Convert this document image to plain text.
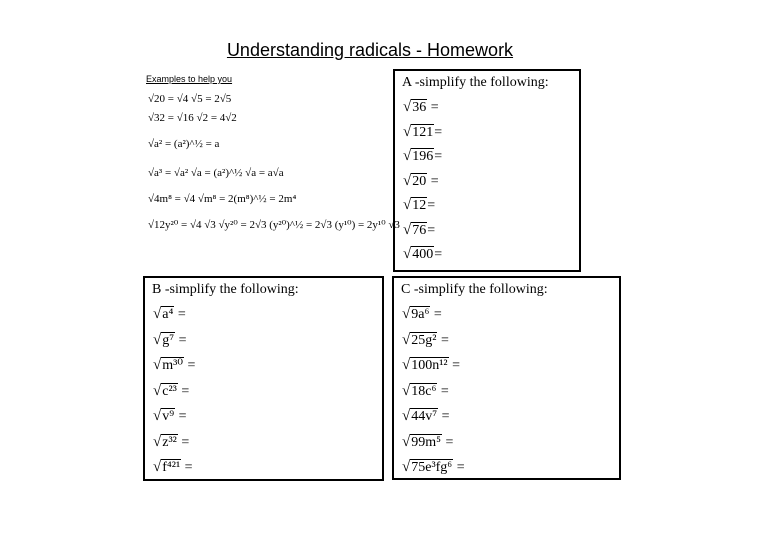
Understanding radicals - Homework
Examples to help you
√20 = √4 √5 = 2√5
√32 = √16 √2 = 4√2
√a² = (a²)^½ = a
√a³ = √a² √a = (a²)^½ √a = a√a
√4m⁸ = √4 √m⁸ = 2(m⁸)^½ = 2m⁴
√12y²⁰ = √4 √3 √y²⁰ = 2√3 (y²⁰)^½ = 2√3 (y¹⁰) = 2y¹⁰ √3
A -simplify the following:
√36 =
√121=
√196=
√20 =
√12=
√76=
√400=
B -simplify the following:
√a⁴ =
√g⁷ =
√m³⁰ =
√c²³ =
√v⁹ =
√z³² =
√f⁴²¹ =
C -simplify the following:
√9a⁶ =
√25g² =
√100n¹² =
√18c⁶ =
√44v⁷ =
√99m⁵ =
√75e³fg⁶ =
